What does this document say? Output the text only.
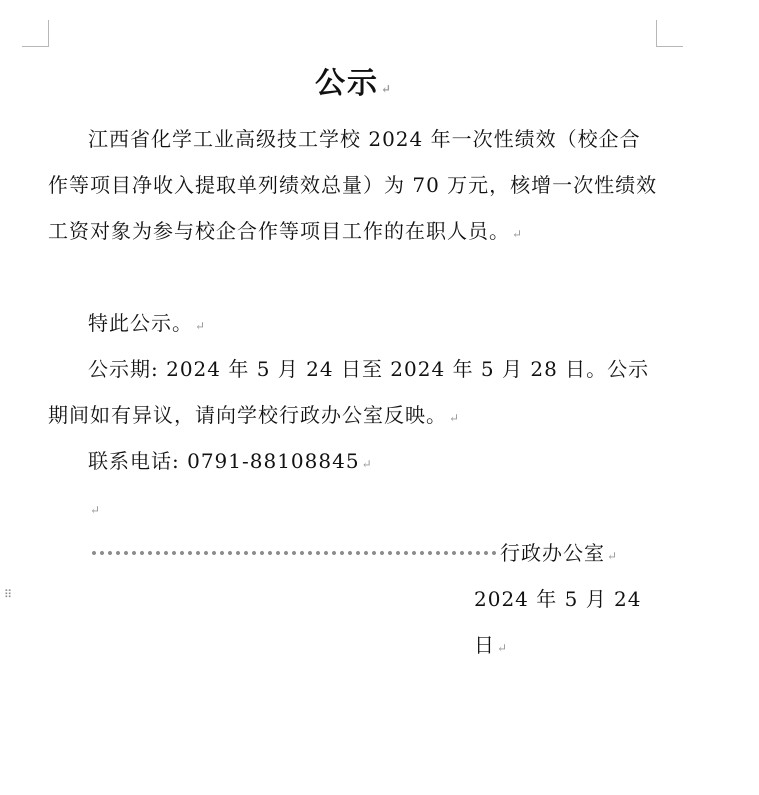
⠿
公示 ↵
江西省化学工业高级技工学校 2024 年一次性绩效（校企合作等项目净收入提取单列绩效总量）为 70 万元，核增一次性绩效工资对象为参与校企合作等项目工作的在职人员。 ↵
特此公示。 ↵
公示期: 2024 年 5 月 24 日至 2024 年 5 月 28 日。公示期间如有异议，请向学校行政办公室反映。 ↵
联系电话: 0791-88108845 ↵
↵
行政办公室 ↵
2024 年 5 月 24 日 ↵
